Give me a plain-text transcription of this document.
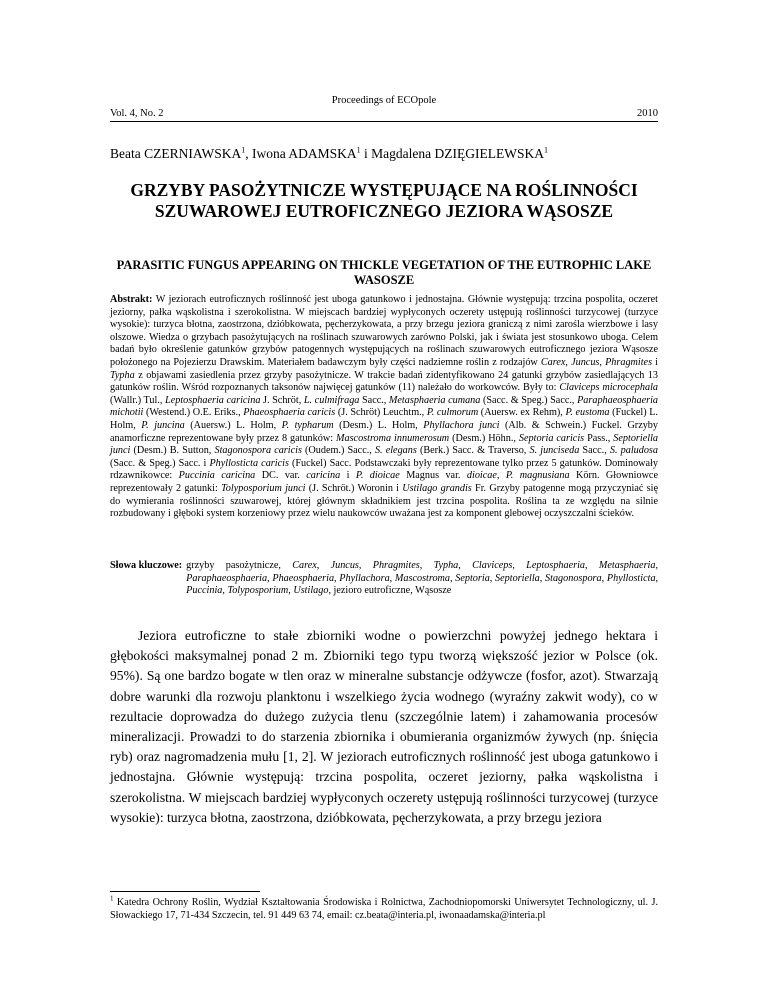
Proceedings of ECOpole
Vol. 4, No. 2	2010
Beata CZERNIAWSKA$^1$, Iwona ADAMSKA$^1$ i Magdalena DZIĘGIELEWSKA$^1$
GRZYBY PASOŻYTNICZE WYSTĘPUJĄCE NA ROŚLINNOŚCI SZUWAROWEJ EUTROFICZNEGO JEZIORA WĄSOSZE
PARASITIC FUNGUS APPEARING ON THICKLE VEGETATION OF THE EUTROPHIC LAKE WASOSZE
Abstrakt: W jeziorach eutroficznych roślinność jest uboga gatunkowo i jednostajna. Głównie występują: trzcina pospolita, oczeret jeziorny, pałka wąskolistna i szerokolistna. W miejscach bardziej wypłyconych oczerety ustępują roślinności turzycowej (turzyce wysokie): turzyca błotna, zaostrzona, dzióbkowata, pęcherzykowata, a przy brzegu jeziora graniczą z nimi zarośla wierzbowe i lasy olszowe. Wiedza o grzybach pasożytujących na roślinach szuwarowych zarówno Polski, jak i świata jest stosunkowo uboga. Celem badań było określenie gatunków grzybów patogennych występujących na roślinach szuwarowych eutroficznego jeziora Wąsosze położonego na Pojezierzu Drawskim. Materiałem badawczym były części nadziemne roślin z rodzajów Carex, Juncus, Phragmites i Typha z objawami zasiedlenia przez grzyby pasożytnicze. W trakcie badań zidentyfikowano 24 gatunki grzybów zasiedlających 13 gatunków roślin. Wśród rozpoznanych taksonów najwięcej gatunków (11) należało do workowców. Były to: Claviceps microcephala (Wallr.) Tul., Leptosphaeria caricina J. Schröt, L. culmifraga Sacc., Metasphaeria cumana (Sacc. & Speg.) Sacc., Paraphaeosphaeria michotii (Westend.) O.E. Eriks., Phaeosphaeria caricis (J. Schröt) Leuchtm., P. culmorum (Auersw. ex Rehm), P. eustoma (Fuckel) L. Holm, P. juncina (Auersw.) L. Holm, P. typharum (Desm.) L. Holm, Phyllachora junci (Alb. & Schwein.) Fuckel. Grzyby anamorficzne reprezentowane były przez 8 gatunków: Mascostroma innumerosum (Desm.) Höhn., Septoria caricis Pass., Septoriella junci (Desm.) B. Sutton, Stagonospora caricis (Oudem.) Sacc., S. elegans (Berk.) Sacc. & Traverso, S. junciseda Sacc., S. paludosa (Sacc. & Speg.) Sacc. i Phyllosticta caricis (Fuckel) Sacc. Podstawczaki były reprezentowane tylko przez 5 gatunków. Dominowały rdzawnikowce: Puccinia caricina DC. var. caricina i P. dioicae Magnus var. dioicae, P. magnusiana Körn. Głowniowce reprezentowały 2 gatunki: Tolyposporium junci (J. Schröt.) Woronin i Ustilago grandis Fr. Grzyby patogenne mogą przyczyniać się do wymierania roślinności szuwarowej, której głównym składnikiem jest trzcina pospolita. Roślina ta ze względu na silnie rozbudowany i głęboki system korzeniowy przez wielu naukowców uważana jest za komponent glebowej oczyszczalni ścieków.
Słowa kluczowe: grzyby pasożytnicze, Carex, Juncus, Phragmites, Typha, Claviceps, Leptosphaeria, Metasphaeria, Paraphaeosphaeria, Phaeosphaeria, Phyllachora, Mascostroma, Septoria, Septoriella, Stagonospora, Phyllosticta, Puccinia, Tolyposporium, Ustilago, jezioro eutroficzne, Wąsosze
Jeziora eutroficzne to stałe zbiorniki wodne o powierzchni powyżej jednego hektara i głębokości maksymalnej ponad 2 m. Zbiorniki tego typu tworzą większość jezior w Polsce (ok. 95%). Są one bardzo bogate w tlen oraz w mineralne substancje odżywcze (fosfor, azot). Stwarzają dobre warunki dla rozwoju planktonu i wszelkiego życia wodnego (wyraźny zakwit wody), co w rezultacie doprowadza do dużego zużycia tlenu (szczególnie latem) i zahamowania procesów mineralizacji. Prowadzi to do starzenia zbiornika i obumierania organizmów żywych (np. śnięcia ryb) oraz nagromadzenia mułu [1, 2]. W jeziorach eutroficznych roślinność jest uboga gatunkowo i jednostajna. Głównie występują: trzcina pospolita, oczeret jeziorny, pałka wąskolistna i szerokolistna. W miejscach bardziej wypłyconych oczerety ustępują roślinności turzycowej (turzyce wysokie): turzyca błotna, zaostrzona, dzióbkowata, pęcherzykowata, a przy brzegu jeziora
$^1$ Katedra Ochrony Roślin, Wydział Kształtowania Środowiska i Rolnictwa, Zachodniopomorski Uniwersytet Technologiczny, ul. J. Słowackiego 17, 71-434 Szczecin, tel. 91 449 63 74, email: cz.beata@interia.pl, iwonaadamska@interia.pl
